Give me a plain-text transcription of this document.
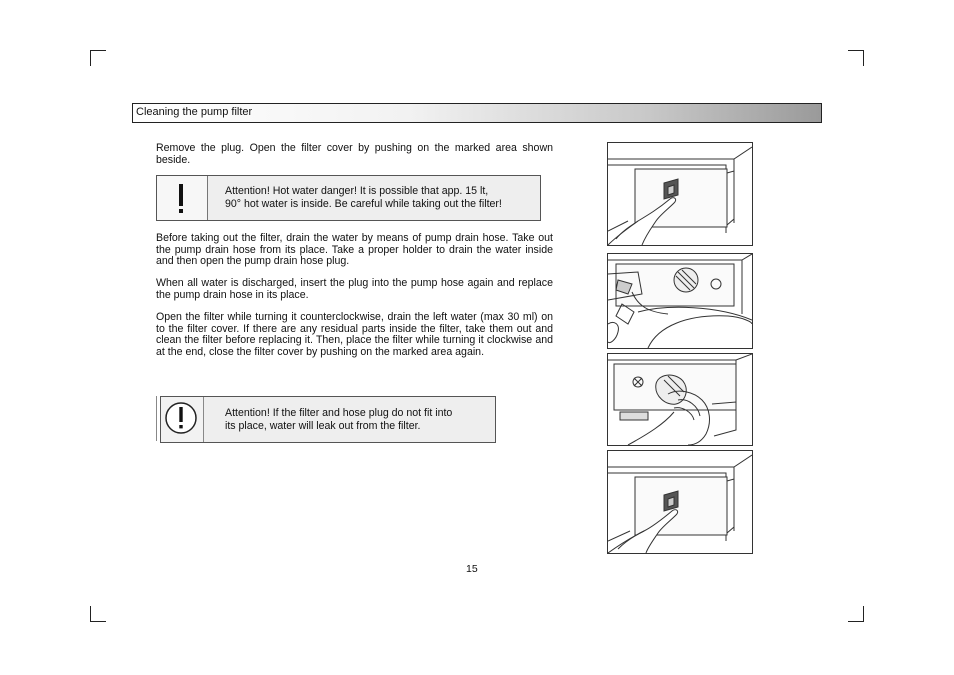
Cleaning the pump filter

Remove the plug. Open the filter cover by pushing on the marked area shown beside.

Attention! Hot water danger! It is possible that app. 15 lt,
90° hot water is inside. Be careful while taking out the filter!

Before taking out the filter, drain the water by means of pump drain hose. Take out the pump drain hose from its place. Take a proper holder to drain the water inside and then open the pump drain hose plug.

When all water is discharged, insert the plug into the pump hose again and replace the pump drain hose in its place.

Open the filter while turning it counterclockwise, drain the left water (max 30 ml) on to the filter cover. If there are any residual parts inside the filter, take them out and clean the filter before replacing it. Then, place the filter while turning it clockwise and at the end, close the filter cover by pushing on the marked area again.

Attention! If the filter and hose plug do not fit into
its place, water will leak out from the filter.
15
